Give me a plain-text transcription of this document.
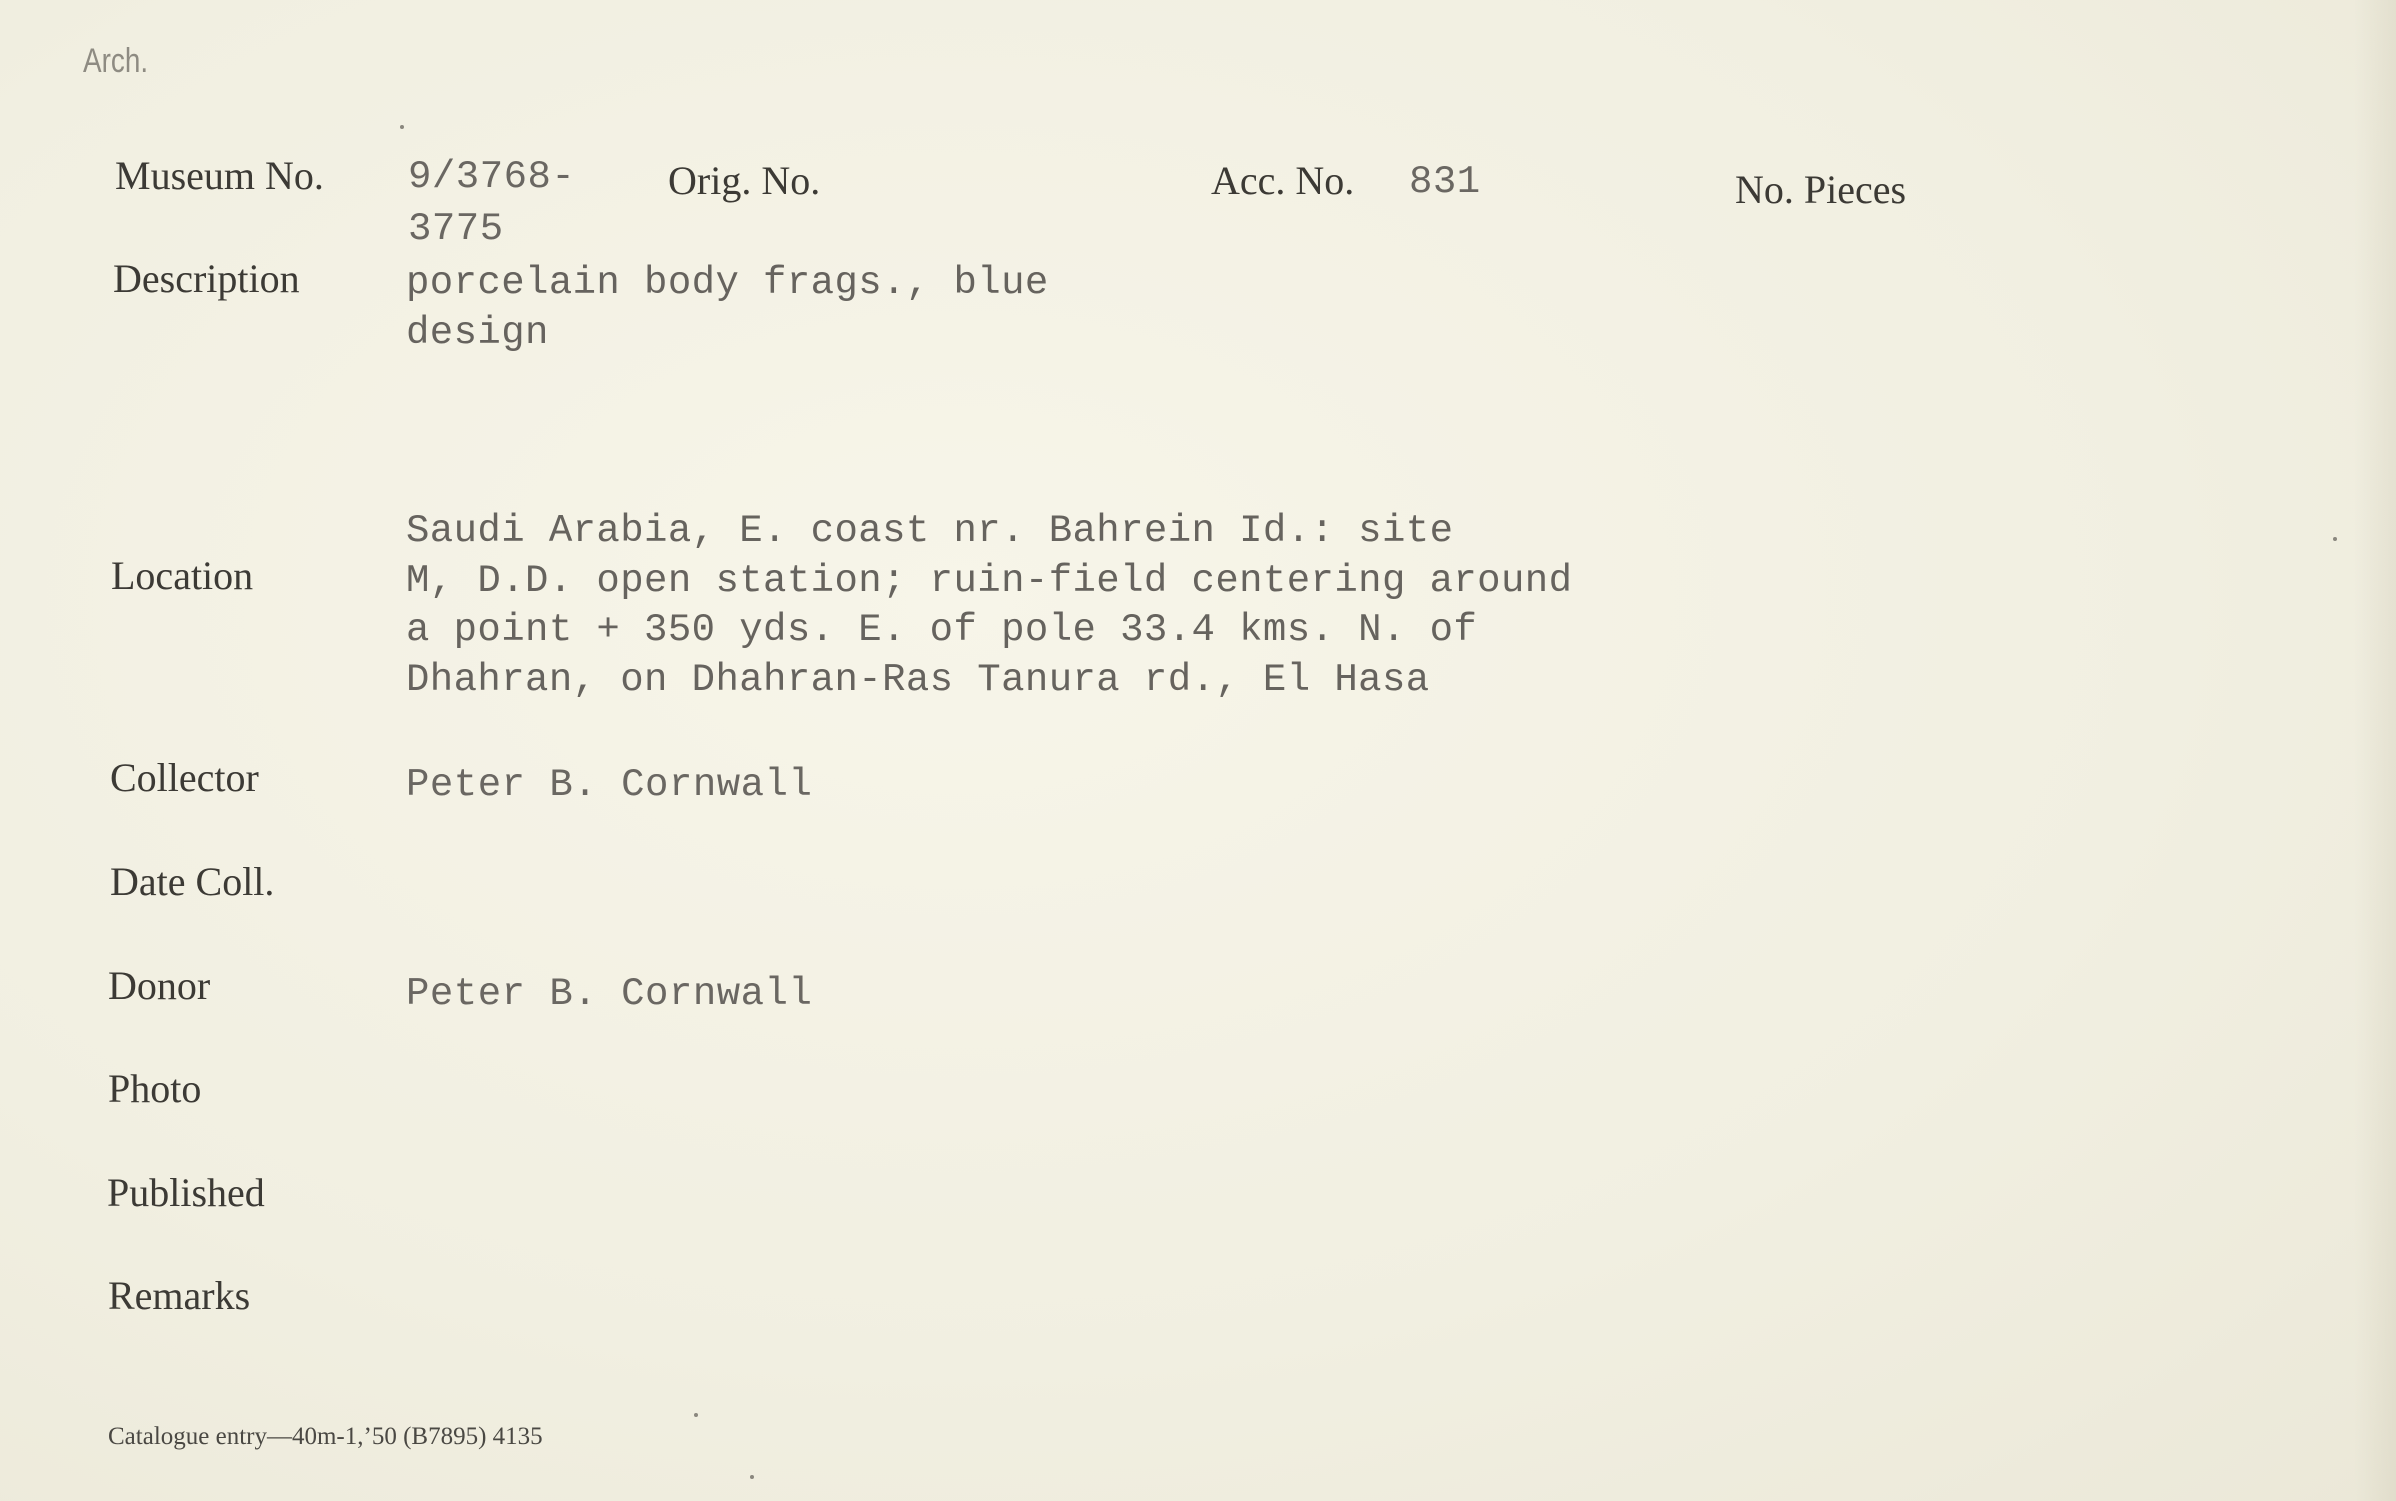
Arch.
Museum No. 9/3768-
3775
Orig. No.	Acc. No. 831	No. Pieces
Description	porcelain body frags., blue
design
Location
Saudi Arabia, E. coast nr. Bahrein Id.: site
M, D.D. open station; ruin-field centering around
a point + 350 yds. E. of pole 33.4 kms. N. of
Dhahran, on Dhahran-Ras Tanura rd., El Hasa
Collector	Peter B. Cornwall
Date Coll.
Donor	Peter B. Cornwall
Photo
Published
Remarks
Catalogue entry—40m-1,’50 (B7895) 4135
